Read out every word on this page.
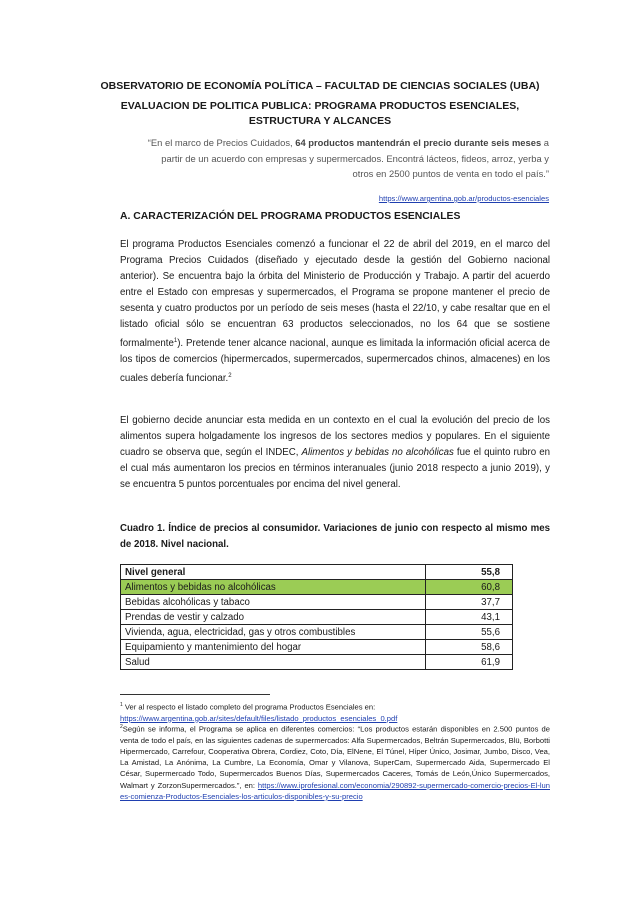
OBSERVATORIO DE ECONOMÍA POLÍTICA – FACULTAD DE CIENCIAS SOCIALES (UBA)
EVALUACION DE POLITICA PUBLICA: PROGRAMA PRODUCTOS ESENCIALES, ESTRUCTURA Y ALCANCES
“En el marco de Precios Cuidados, 64 productos mantendrán el precio durante seis meses a partir de un acuerdo con empresas y supermercados. Encontrá lácteos, fideos, arroz, yerba y otros en 2500 puntos de venta en todo el país.”
https://www.argentina.gob.ar/productos-esenciales
A. CARACTERIZACIÓN DEL PROGRAMA PRODUCTOS ESENCIALES
El programa Productos Esenciales comenzó a funcionar el 22 de abril del 2019, en el marco del Programa Precios Cuidados (diseñado y ejecutado desde la gestión del Gobierno nacional anterior). Se encuentra bajo la órbita del Ministerio de Producción y Trabajo. A partir del acuerdo entre el Estado con empresas y supermercados, el Programa se propone mantener el precio de sesenta y cuatro productos por un período de seis meses (hasta el 22/10, y cabe resaltar que en el listado oficial sólo se encuentran 63 productos seleccionados, no los 64 que se sostiene formalmente$^1$). Pretende tener alcance nacional, aunque es limitada la información oficial acerca de los tipos de comercios (hipermercados, supermercados, supermercados chinos, almacenes) en los cuales debería funcionar.$^2$
El gobierno decide anunciar esta medida en un contexto en el cual la evolución del precio de los alimentos supera holgadamente los ingresos de los sectores medios y populares. En el siguiente cuadro se observa que, según el INDEC, Alimentos y bebidas no alcohólicas fue el quinto rubro en el cual más aumentaron los precios en términos interanuales (junio 2018 respecto a junio 2019), y se encuentra 5 puntos porcentuales por encima del nivel general.
Cuadro 1. Índice de precios al consumidor. Variaciones de junio con respecto al mismo mes de 2018. Nivel nacional.
Nivel general	55,8
Alimentos y bebidas no alcohólicas	60,8
Bebidas alcohólicas y tabaco	37,7
Prendas de vestir y calzado	43,1
Vivienda, agua, electricidad, gas y otros combustibles	55,6
Equipamiento y mantenimiento del hogar	58,6
Salud	61,9
$^1$ Ver al respecto el listado completo del programa Productos Esenciales en:
https://www.argentina.gob.ar/sites/default/files/listado_productos_esenciales_0.pdf
$^2$Según se informa, el Programa se aplica en diferentes comercios: “Los productos estarán disponibles en 2.500 puntos de venta de todo el país, en las siguientes cadenas de supermercados: Alfa Supermercados, Beltrán Supermercados, Blü, Borbotti Hipermercado, Carrefour, Cooperativa Obrera, Cordiez, Coto, Día, ElNene, El Túnel, Híper Único, Josimar, Jumbo, Disco, Vea, La Amistad, La Anónima, La Cumbre, La Economía, Omar y Vilanova, SuperCam, Supermercado Aida, Supermercado El César, Supermercado Todo, Supermercados Buenos Días, Supermercados Caceres, Tomás de León,Único Supermercados, Walmart y ZorzonSupermercados.”, en: https://www.iprofesional.com/economia/290892-supermercado-comercio-precios-El-lunes-comienza-Productos-Esenciales-los-articulos-disponibles-y-su-precio
